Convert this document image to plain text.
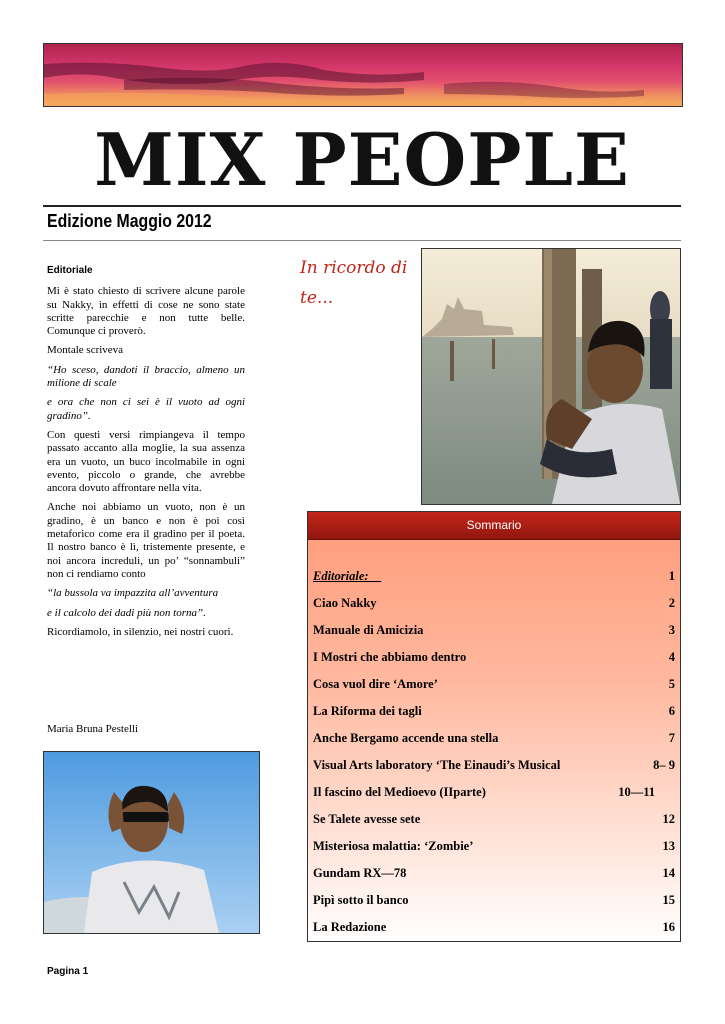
MIX PEOPLE
Edizione Maggio 2012

Editoriale

Mi è stato chiesto di scrivere alcune parole su Nakky, in effetti di cose ne sono state scritte parecchie e non tutte belle. Comunque ci proverò.

Montale scriveva

“Ho sceso, dandoti il braccio, almeno un milione di scale

e ora che non ci sei è il vuoto ad ogni gradino”.

Con questi versi rimpiangeva il tempo passato accanto alla moglie, la sua assenza era un vuoto, un buco incolmabile in ogni evento, piccolo o grande, che avrebbe ancora dovuto affrontare nella vita.

Anche noi abbiamo un vuoto, non è un gradino, è un banco e non è poi così metaforico come era il gradino per il poeta. Il nostro banco è lì, tristemente presente, e noi ancora increduli, un po’ “sonnambuli” non ci rendiamo conto

“la bussola va impazzita all’avventura

e il calcolo dei dadi più non torna”.

Ricordiamolo, in silenzio, nei nostri cuori.

Maria Bruna Pestelli
In ricordo di te...
Sommario
Editoriale:	1
Ciao Nakky	2
Manuale di Amicizia	3
I Mostri che abbiamo dentro	4
Cosa vuol dire ‘Amore’	5
La Riforma dei tagli	6
Anche Bergamo accende una stella	7
Visual Arts laboratory ‘The Einaudi’s Musical	8– 9
Il fascino del Medioevo (IIparte)	10—11
Se Talete avesse sete	12
Misteriosa malattia: ‘Zombie’	13
Gundam RX—78	14
Pipì sotto il banco	15
La Redazione	16
Pagina 1
